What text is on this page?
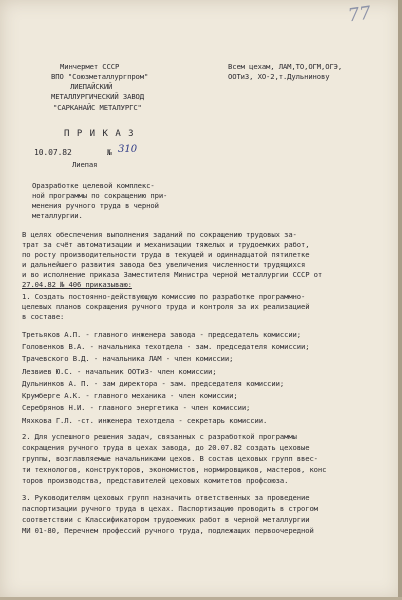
77
Минчермет СССР
ВПО "Союзметаллургпром"
ЛИЕПАЙСКИЙ
МЕТАЛЛУРГИЧЕСКИЙ ЗАВОД
"САРКАНАЙС МЕТАЛУРГС"
Всем цехам, ЛАМ,ТО,ОГМ,ОГЭ,
ООТиЗ, ХО-2,т.Дульнинову
П Р И К А З
10.07.82	№ 310
Лиепая
Оразработке целевой комплекс-
ной программы по сокращению при-
менения ручного труда в черной
металлургии.
В целях обеспечения выполнения заданий по сокращению трудовых за-
трат за счёт автоматизации и механизации тяжелых и трудоемких работ,
по росту производительности труда в текущей и одиннадцатой пятилетке
и дальнейшего развития завода без увеличения численности трудящихся
и во исполнение приказа Заместителя Министра черной металлургии СССР от
27.04.82 № 406 приказываю:
1. Создать постоянно-действующую комиссию по разработке программно-
целевых планов сокращения ручного труда и контроля за их реализацией
в составе:
Третьяков А.П. - главного инженера завода - председатель комиссии;
Головенков В.А. - начальника техотдела - зам. председателя комиссии;
Трачевского В.Д. - начальника ЛАМ - член комиссии;
Лезвиев Ю.С. - начальник ООТиЗ- член комиссии;
Дульнинков А. П. - зам директора - зам. председателя комиссии;
Крумберге А.К. - главного механика - член комиссии;
Серебрянов Н.И. - главного энергетика - член комиссии;
Мяхкова Г.Л. -ст. инженера техотдела - секретарь комиссии.
2. Для успешного решения задач, связанных с разработкой программы
сокращения ручного труда в цехах завода, до 20.07.82 создать цеховые
группы, возглавляемые начальниками цехов. В состав цеховых групп ввес-
ти технологов, конструкторов, экономистов, нормировщиков, мастеров, конс
торов производства, представителей цеховых комитетов профсоюза.
3. Руководителям цеховых групп назначить ответственных за проведение
паспортизации ручного труда в цехах. Паспортизацию проводить в строгом
соответствии с Классификатором трудоемких работ в черной металлургии
МИ 01-80, Перечнем профессий ручного труда, подлежащих первоочередной
